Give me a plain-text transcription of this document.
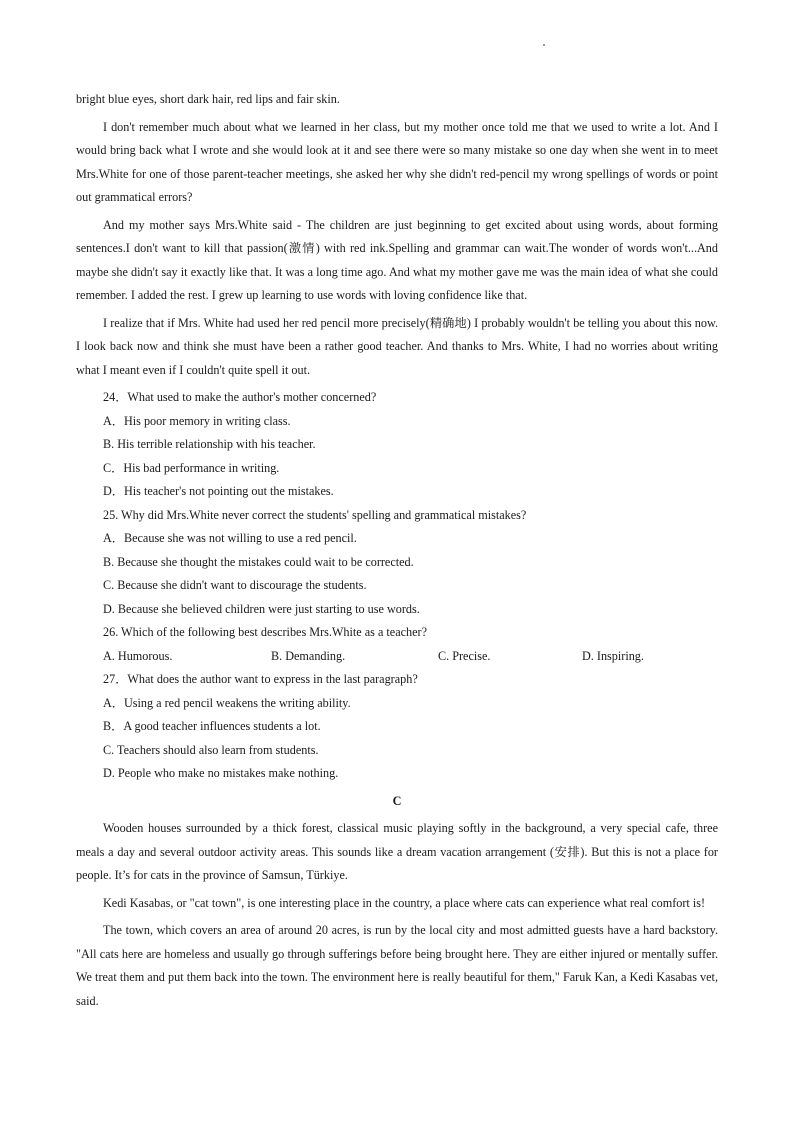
bright blue eyes, short dark hair, red lips and fair skin.

I don't remember much about what we learned in her class, but my mother once told me that we used to write a lot. And I would bring back what I wrote and she would look at it and see there were so many mistake so one day when she went in to meet Mrs.White for one of those parent-teacher meetings, she asked her why she didn't red-pencil my wrong spellings of words or point out grammatical errors?

And my mother says Mrs.White said - The children are just beginning to get excited about using words, about forming sentences.I don't want to kill that passion(激情) with red ink.Spelling and grammar can wait.The wonder of words won't...And maybe she didn't say it exactly like that. It was a long time ago. And what my mother gave me was the main idea of what she could remember. I added the rest. I grew up learning to use words with loving confidence like that.

I realize that if Mrs. White had used her red pencil more precisely(精确地) I probably wouldn't be telling you about this now. I look back now and think she must have been a rather good teacher. And thanks to Mrs. White, I had no worries about writing what I meant even if I couldn't quite spell it out.

24．What used to make the author's mother concerned?

A．His poor memory in writing class.

B. His terrible relationship with his teacher.

C．His bad performance in writing.

D．His teacher's not pointing out the mistakes.

25. Why did Mrs.White never correct the students' spelling and grammatical mistakes?

A．Because she was not willing to use a red pencil.

B. Because she thought the mistakes could wait to be corrected.

C. Because she didn't want to discourage the students.

D. Because she believed children were just starting to use words.

26. Which of the following best describes Mrs.White as a teacher?

A. Humorous.	B. Demanding.	C. Precise.	D. Inspiring.

27．What does the author want to express in the last paragraph?

A．Using a red pencil weakens the writing ability.

B．A good teacher influences students a lot.

C. Teachers should also learn from students.

D. People who make no mistakes make nothing.

C

Wooden houses surrounded by a thick forest, classical music playing softly in the background, a very special cafe, three meals a day and several outdoor activity areas. This sounds like a dream vacation arrangement (安排). But this is not a place for people. It’s for cats in the province of Samsun, Türkiye.

Kedi Kasabas, or "cat town", is one interesting place in the country, a place where cats can experience what real comfort is!

The town, which covers an area of around 20 acres, is run by the local city and most admitted guests have a hard backstory. "All cats here are homeless and usually go through sufferings before being brought here. They are either injured or mentally suffer. We treat them and put them back into the town. The environment here is really beautiful for them," Faruk Kan, a Kedi Kasabas vet, said.
